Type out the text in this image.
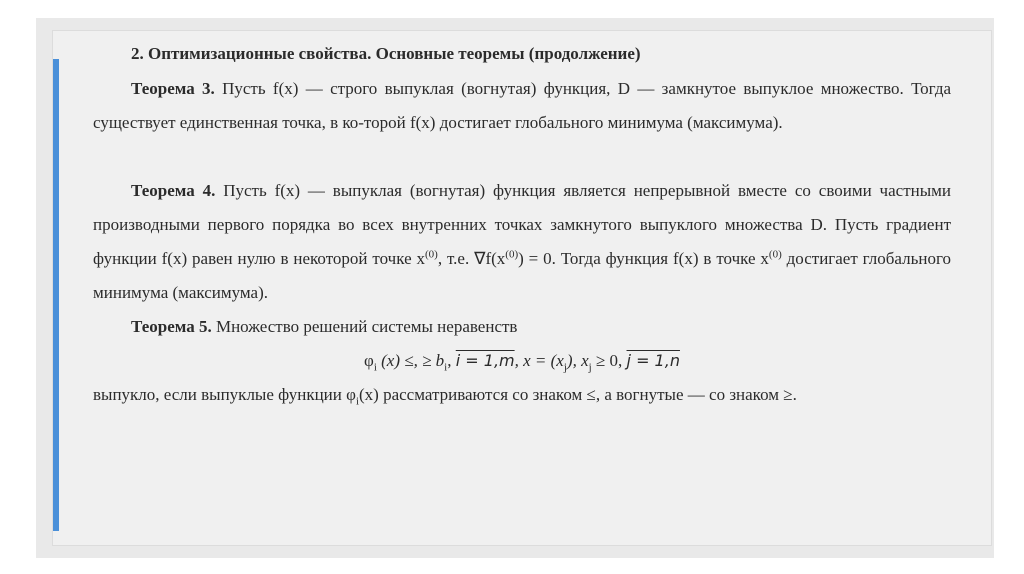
2. Оптимизационные свойства. Основные теоремы (продолжение)
Теорема 3. Пусть f(x) — строго выпуклая (вогнутая) функция, D — замкнутое выпуклое множество. Тогда существует единственная точка, в ко-торой f(x) достигает глобального минимума (максимума).
Теорема 4. Пусть f(x) — выпуклая (вогнутая) функция является непрерывной вместе со своими частными производными первого порядка во всех внутренних точках замкнутого выпуклого множества D. Пусть градиент функции f(x) равен нулю в некоторой точке $x^{(0)}$, т.е. $\nabla f(x^{(0)}) = 0$. Тогда функция f(x) в точке $x^{(0)}$ достигает глобального минимума (максимума).
Теорема 5. Множество решений системы неравенств
$\varphi_i$ (x) ≤, ≥ $b_i$, i = 1,m, $x = (x_j)$, $x_j \ge 0$, j = 1,n
выпукло, если выпуклые функции $\varphi_i(x)$ рассматриваются со знаком ≤, а вогнутые — со знаком ≥.
